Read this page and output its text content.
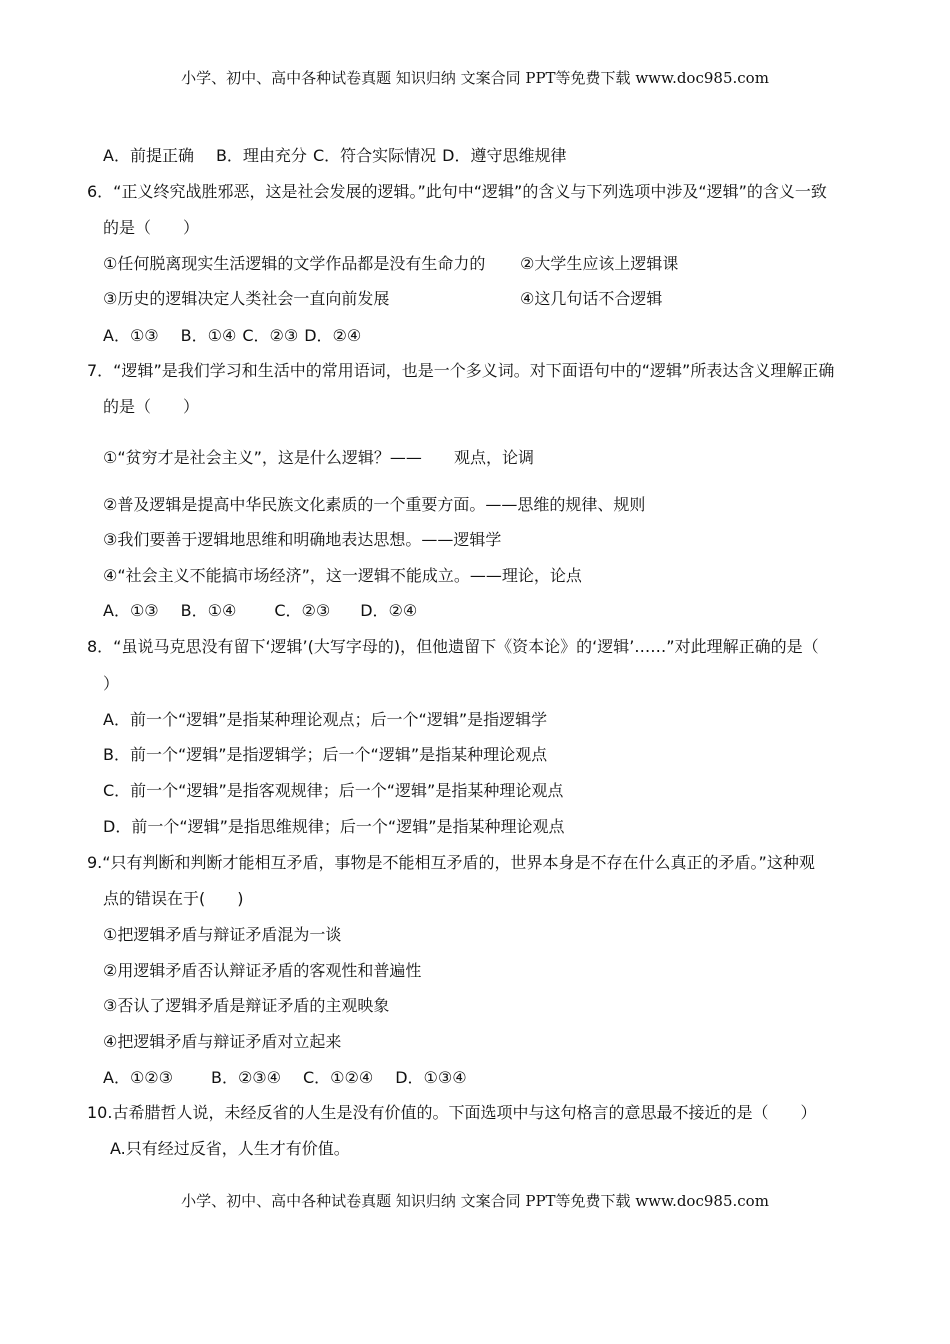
小学、初中、高中各种试卷真题 知识归纳 文案合同 PPT等免费下载 www.doc985.com
A．前提正确 B．理由充分 C．符合实际情况 D．遵守思维规律
6．“正义终究战胜邪恶，这是社会发展的逻辑。”此句中“逻辑”的含义与下列选项中涉及“逻辑”的含义一致
的是（　　）
①任何脱离现实生活逻辑的文学作品都是没有生命力的 ②大学生应该上逻辑课
③历史的逻辑决定人类社会一直向前发展	④这几句话不合逻辑
A．①③ B．①④ C．②③ D．②④
7．“逻辑”是我们学习和生活中的常用语词，也是一个多义词。对下面语句中的“逻辑”所表达含义理解正确
的是（　　）
①“贫穷才是社会主义”，这是什么逻辑？—— 观点，论调
②普及逻辑是提高中华民族文化素质的一个重要方面。——思维的规律、规则
③我们要善于逻辑地思维和明确地表达思想。——逻辑学
④“社会主义不能搞市场经济”，这一逻辑不能成立。——理论，论点
A．①③ B．①④ C．②③ D．②④
8．“虽说马克思没有留下‘逻辑’(大写字母的)，但他遗留下《资本论》的‘逻辑’……”对此理解正确的是（
）
A．前一个“逻辑”是指某种理论观点；后一个“逻辑”是指逻辑学
B．前一个“逻辑”是指逻辑学；后一个“逻辑”是指某种理论观点
C．前一个“逻辑”是指客观规律；后一个“逻辑”是指某种理论观点
D．前一个“逻辑”是指思维规律；后一个“逻辑”是指某种理论观点
9.“只有判断和判断才能相互矛盾，事物是不能相互矛盾的，世界本身是不存在什么真正的矛盾。”这种观
点的错误在于(　　)
①把逻辑矛盾与辩证矛盾混为一谈
②用逻辑矛盾否认辩证矛盾的客观性和普遍性
③否认了逻辑矛盾是辩证矛盾的主观映象
④把逻辑矛盾与辩证矛盾对立起来
A．①②③ B．②③④ C．①②④ D．①③④
10.古希腊哲人说，未经反省的人生是没有价值的。下面选项中与这句格言的意思最不接近的是（　　）
A.只有经过反省，人生才有价值。
小学、初中、高中各种试卷真题 知识归纳 文案合同 PPT等免费下载 www.doc985.com
